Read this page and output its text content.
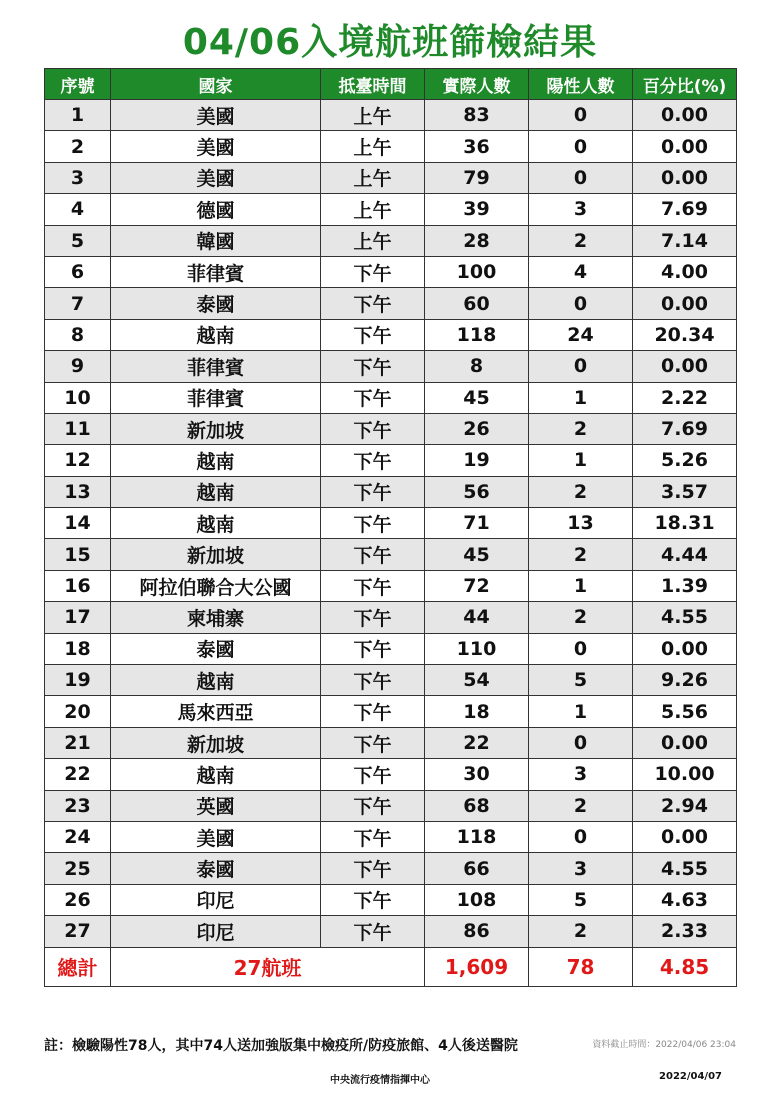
04/06入境航班篩檢結果
序號	國家	抵臺時間	實際人數	陽性人數	百分比(%)
1	美國	上午	83	0	0.00
2	美國	上午	36	0	0.00
3	美國	上午	79	0	0.00
4	德國	上午	39	3	7.69
5	韓國	上午	28	2	7.14
6	菲律賓	下午	100	4	4.00
7	泰國	下午	60	0	0.00
8	越南	下午	118	24	20.34
9	菲律賓	下午	8	0	0.00
10	菲律賓	下午	45	1	2.22
11	新加坡	下午	26	2	7.69
12	越南	下午	19	1	5.26
13	越南	下午	56	2	3.57
14	越南	下午	71	13	18.31
15	新加坡	下午	45	2	4.44
16	阿拉伯聯合大公國	下午	72	1	1.39
17	柬埔寨	下午	44	2	4.55
18	泰國	下午	110	0	0.00
19	越南	下午	54	5	9.26
20	馬來西亞	下午	18	1	5.56
21	新加坡	下午	22	0	0.00
22	越南	下午	30	3	10.00
23	英國	下午	68	2	2.94
24	美國	下午	118	0	0.00
25	泰國	下午	66	3	4.55
26	印尼	下午	108	5	4.63
27	印尼	下午	86	2	2.33
總計	27航班		1,609	78	4.85
註：檢驗陽性78人，其中74人送加強版集中檢疫所/防疫旅館、4人後送醫院	資料截止時間：2022/04/06 23:04
中央流行疫情指揮中心	2022/04/07
